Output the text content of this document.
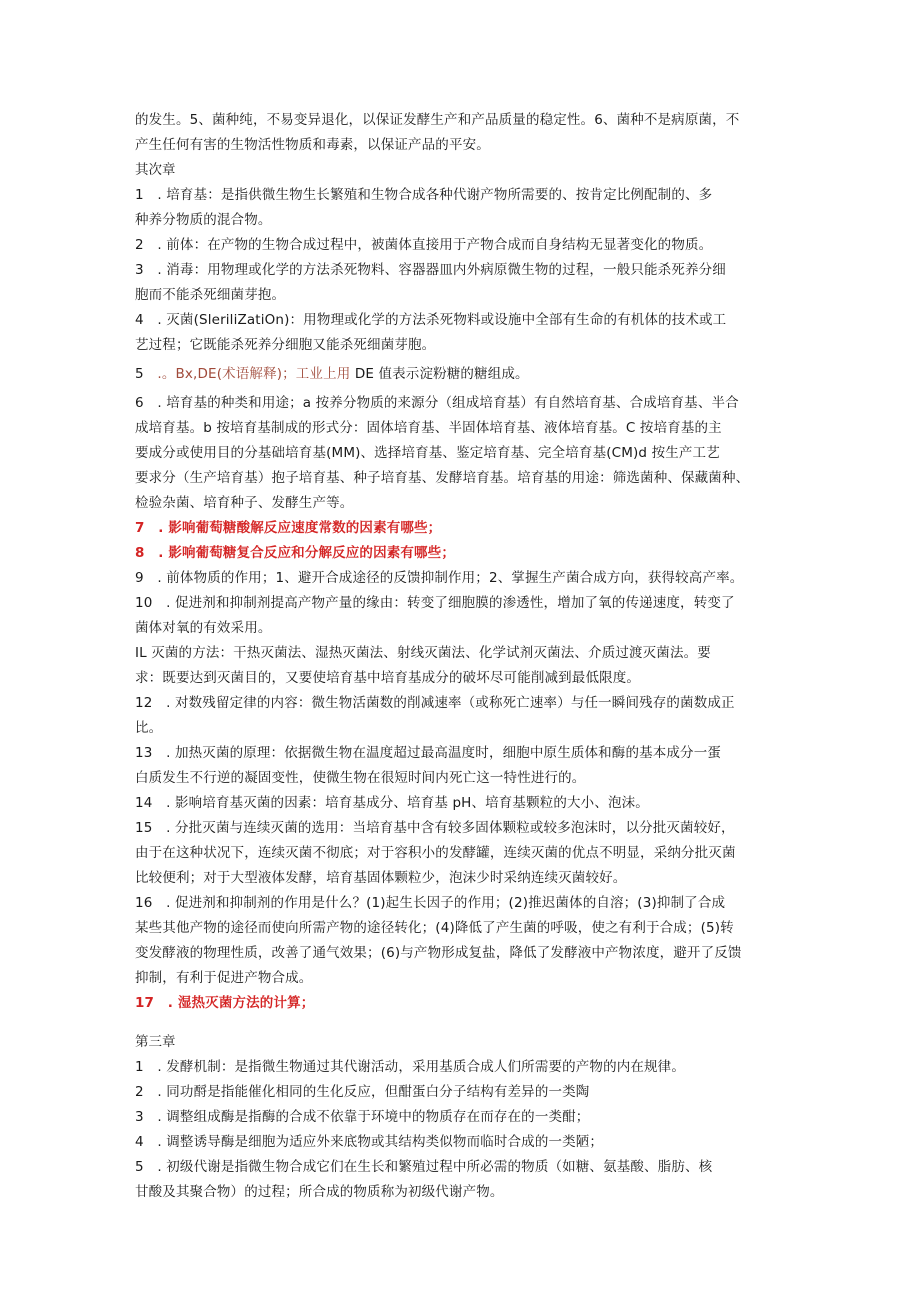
的发生。5、菌种纯，不易变异退化，以保证发酵生产和产品质量的稳定性。6、菌种不是病原菌，不
产生任何有害的生物活性物质和毒素，以保证产品的平安。
其次章
1　. 培育基：是指供微生物生长繁殖和生物合成各种代谢产物所需要的、按肯定比例配制的、多
种养分物质的混合物。
2　. 前体：在产物的生物合成过程中，被菌体直接用于产物合成而自身结构无显著变化的物质。
3　. 消毒：用物理或化学的方法杀死物料、容器器皿内外病原微生物的过程，一般只能杀死养分细
胞而不能杀死细菌芽抱。
4　. 灭菌(SleriliZatiOn)：用物理或化学的方法杀死物料或设施中全部有生命的有机体的技术或工
艺过程；它既能杀死养分细胞又能杀死细菌芽胞。
5　.。Bx,DE(术语解释)；工业上用 DE 值表示淀粉糖的糖组成。
6　. 培育基的种类和用途；a 按养分物质的来源分（组成培育基）有自然培育基、合成培育基、半合
成培育基。b 按培育基制成的形式分：固体培育基、半固体培育基、液体培育基。C 按培育基的主
要成分或使用目的分基础培育基(MM)、选择培育基、鉴定培育基、完全培育基(CM)d 按生产工艺
要求分（生产培育基）抱子培育基、种子培育基、发酵培育基。培育基的用途：筛选菌种、保藏菌种、
检验杂菌、培育种子、发酵生产等。
7　. 影响葡萄糖酸解反应速度常数的因素有哪些；
8　. 影响葡萄糖复合反应和分解反应的因素有哪些；
9　. 前体物质的作用；1、避开合成途径的反馈抑制作用；2、掌握生产菌合成方向，获得较高产率。
10　. 促进剂和抑制剂提高产物产量的缘由：转变了细胞膜的渗透性，增加了氧的传递速度，转变了
菌体对氧的有效采用。
IL 灭菌的方法：干热灭菌法、湿热灭菌法、射线灭菌法、化学试剂灭菌法、介质过渡灭菌法。要
求：既要达到灭菌目的，又要使培育基中培育基成分的破坏尽可能削减到最低限度。
12　. 对数残留定律的内容：微生物活菌数的削减速率（或称死亡速率）与任一瞬间残存的菌数成正
比。
13　. 加热灭菌的原理：依据微生物在温度超过最高温度时，细胞中原生质体和酶的基本成分一蛋
白质发生不行逆的凝固变性，使微生物在很短时间内死亡这一特性进行的。
14　. 影响培育基灭菌的因素：培育基成分、培育基 pH、培育基颗粒的大小、泡沫。
15　. 分批灭菌与连续灭菌的选用：当培育基中含有较多固体颗粒或较多泡沫时，以分批灭菌较好，
由于在这种状况下，连续灭菌不彻底；对于容积小的发酵罐，连续灭菌的优点不明显，采纳分批灭菌
比较便利；对于大型液体发酵，培育基固体颗粒少，泡沫少时采纳连续灭菌较好。
16　. 促进剂和抑制剂的作用是什么？(1)起生长因子的作用；(2)推迟菌体的自溶；(3)抑制了合成
某些其他产物的途径而使向所需产物的途径转化；(4)降低了产生菌的呼吸，使之有利于合成；(5)转
变发酵液的物理性质，改善了通气效果；(6)与产物形成复盐，降低了发酵液中产物浓度，避开了反馈
抑制，有利于促进产物合成。
17　. 湿热灭菌方法的计算；
第三章
1　. 发酵机制：是指微生物通过其代谢活动，采用基质合成人们所需要的产物的内在规律。
2　. 同功酹是指能催化相同的生化反应，但酣蛋白分子结构有差异的一类陶
3　. 调整组成酶是指酶的合成不依靠于环境中的物质存在而存在的一类酣；
4　. 调整诱导酶是细胞为适应外来底物或其结构类似物而临时合成的一类陋；
5　. 初级代谢是指微生物合成它们在生长和繁殖过程中所必需的物质（如糖、氨基酸、脂肪、核
甘酸及其聚合物）的过程；所合成的物质称为初级代谢产物。
